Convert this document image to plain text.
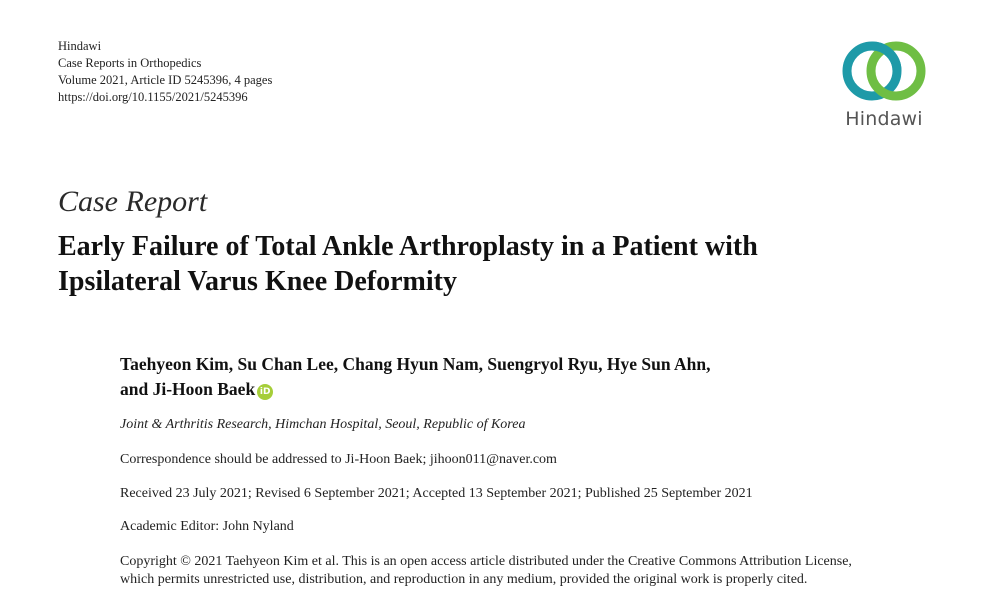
Hindawi
Case Reports in Orthopedics
Volume 2021, Article ID 5245396, 4 pages
https://doi.org/10.1155/2021/5245396
Hindawi
Case Report
Early Failure of Total Ankle Arthroplasty in a Patient with
Ipsilateral Varus Knee Deformity
Taehyeon Kim, Su Chan Lee, Chang Hyun Nam, Suengryol Ryu, Hye Sun Ahn,
and Ji-Hoon Baek iD
Joint & Arthritis Research, Himchan Hospital, Seoul, Republic of Korea
Correspondence should be addressed to Ji-Hoon Baek; jihoon011@naver.com
Received 23 July 2021; Revised 6 September 2021; Accepted 13 September 2021; Published 25 September 2021
Academic Editor: John Nyland
Copyright © 2021 Taehyeon Kim et al. This is an open access article distributed under the Creative Commons Attribution License,
which permits unrestricted use, distribution, and reproduction in any medium, provided the original work is properly cited.
